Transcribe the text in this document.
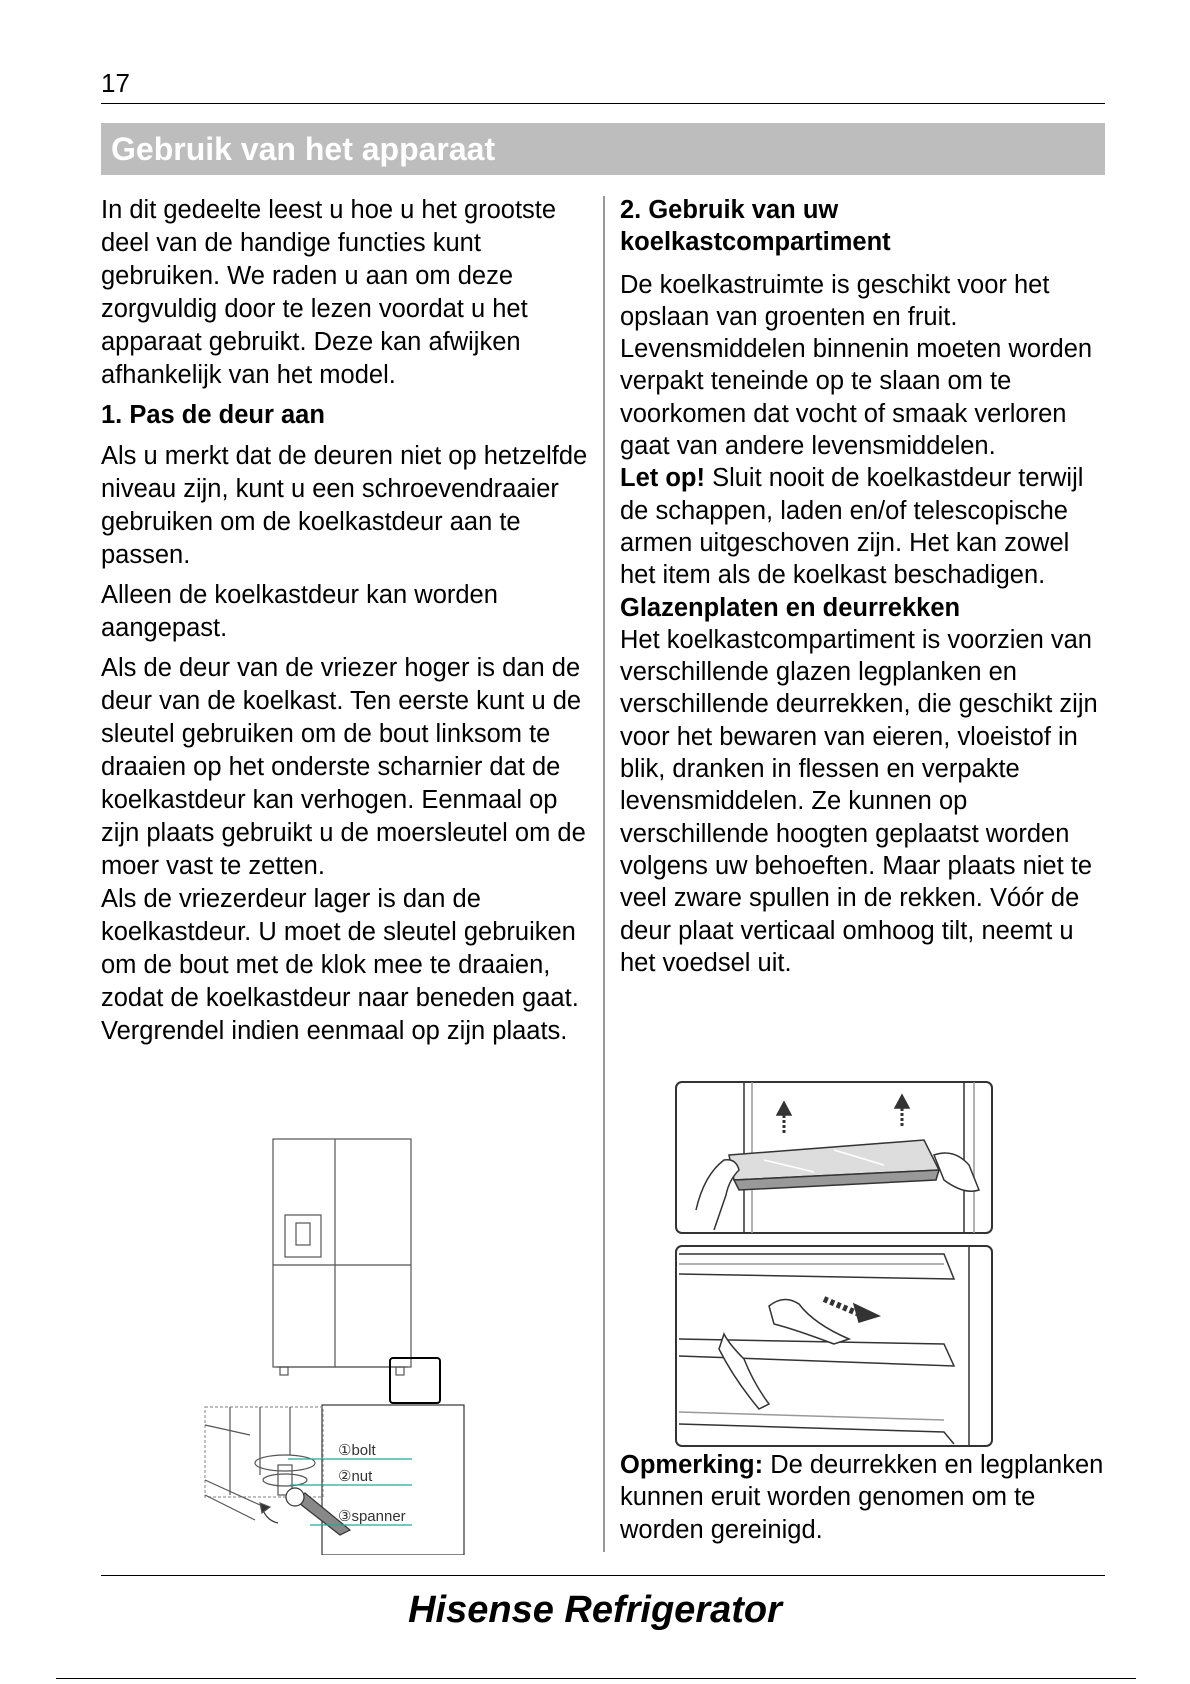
17
Gebruik van het apparaat

In dit gedeelte leest u hoe u het grootste deel van de handige functies kunt gebruiken. We raden u aan om deze zorgvuldig door te lezen voordat u het apparaat gebruikt. Deze kan afwijken afhankelijk van het model.

1. Pas de deur aan

Als u merkt dat de deuren niet op hetzelfde niveau zijn, kunt u een schroevendraaier gebruiken om de koelkastdeur aan te passen.

Alleen de koelkastdeur kan worden aangepast.

Als de deur van de vriezer hoger is dan de deur van de koelkast. Ten eerste kunt u de sleutel gebruiken om de bout linksom te draaien op het onderste scharnier dat de koelkastdeur kan verhogen. Eenmaal op zijn plaats gebruikt u de moersleutel om de moer vast te zetten.

Als de vriezerdeur lager is dan de koelkastdeur. U moet de sleutel gebruiken om de bout met de klok mee te draaien, zodat de koelkastdeur naar beneden gaat. Vergrendel indien eenmaal op zijn plaats.

①bolt
②nut
③spanner
2. Gebruik van uw koelkastcompartiment

De koelkastruimte is geschikt voor het opslaan van groenten en fruit. Levensmiddelen binnenin moeten worden verpakt teneinde op te slaan om te voorkomen dat vocht of smaak verloren gaat van andere levensmiddelen.

Let op! Sluit nooit de koelkastdeur terwijl de schappen, laden en/of telescopische armen uitgeschoven zijn. Het kan zowel het item als de koelkast beschadigen.

Glazenplaten en deurrekken

Het koelkastcompartiment is voorzien van verschillende glazen legplanken en verschillende deurrekken, die geschikt zijn voor het bewaren van eieren, vloeistof in blik, dranken in flessen en verpakte levensmiddelen. Ze kunnen op verschillende hoogten geplaatst worden volgens uw behoeften. Maar plaats niet te veel zware spullen in de rekken. Vóór de deur plaat verticaal omhoog tilt, neemt u het voedsel uit.

Opmerking: De deurrekken en legplanken kunnen eruit worden genomen om te worden gereinigd.

Hisense Refrigerator
